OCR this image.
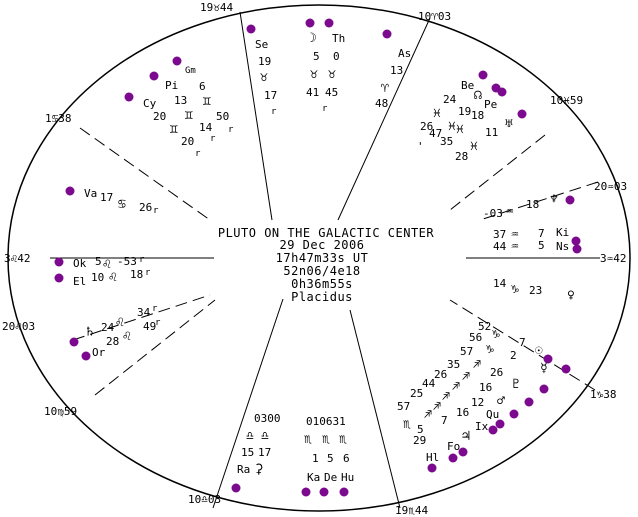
19♉44
10♈03
10♓59
20♒03
3♒42
1♑38
19♏44
10♎03
10♍59
20♌03
3♌42
1♋38
PLUTO ON THE GALACTIC CENTER
29 Dec 2006
17h47m33s UT
52n06/4e18
0h36m55s
Placidus
Se
19
♉
17
r
☽
5
♉
41
Th
0
♉
45
r
As
13
♈
48
Gm
6
♊
50
r
Pi
13
♊
14
r
Cy
20
♊
20
r
Be
24
♓
26
47
☊
19
♓
35
Pe
18
♓	♅
11
♓
28
'
Va 17 ♋ 26 r
Ok 5 ♌ -53 r
El 10 ♌ 18 r
♆
18
♒
-03
Ki
7
♒
37
Ns
5
♒
44
♀
23
♑
14
♄ 24 ♌
34 r
Or
28 ♌
49
r
☉
52
♑
7
☿
56
♑ 2
♇
57
♐
26
♂
35
♐
16
Qu
26
♐
12
Ix
44
♐
16
♃
25
♐
7
Fo
57
♐
5
Hl
♏
29
0300
♎ ♎
15 17
Ra ⚳
010631
♏ ♏ ♏
1 5 6
Ka De Hu
